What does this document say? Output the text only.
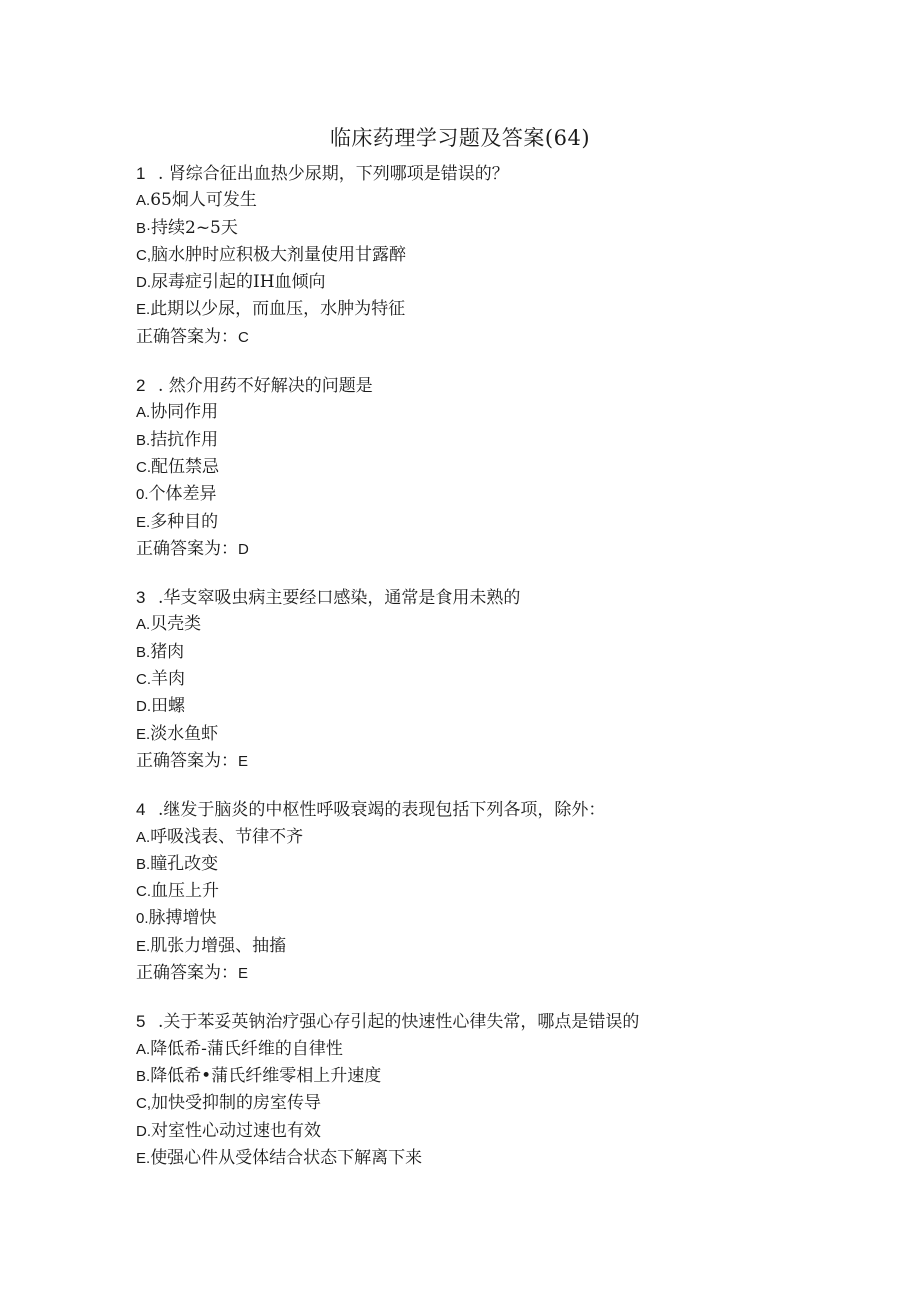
临床药理学习题及答案(64)
1 . 肾综合征出血热少尿期，下列哪项是错误的？
A.65炯人可发生
B·持续2~5天
C,脑水肿时应积极大剂量使用甘露醉
D.尿毒症引起的IH血倾向
E.此期以少尿，而血压，水肿为特征
正确答案为：C
2 . 然介用药不好解决的问题是
A.协同作用
B.拮抗作用
C.配伍禁忌
0.个体差异
E.多种目的
正确答案为：D
3 .华支窣吸虫病主要经口感染，通常是食用未熟的
A.贝壳类
B.猪肉
C.羊肉
D.田螺
E.淡水鱼虾
正确答案为：E
4 .继发于脑炎的中枢性呼吸衰竭的表现包括下列各项，除外：
A.呼吸浅表、节律不齐
B.瞳孔改变
C.血压上升
0.脉搏增快
E.肌张力增强、抽搐
正确答案为：E
5 .关于苯妥英钠治疗强心存引起的快速性心律失常，哪点是错误的
A.降低希-蒲氏纤维的自律性
B.降低希•蒲氏纤维零相上升速度
C,加快受抑制的房室传导
D.对室性心动过速也有效
E.使强心件从受体结合状态下解离下来
